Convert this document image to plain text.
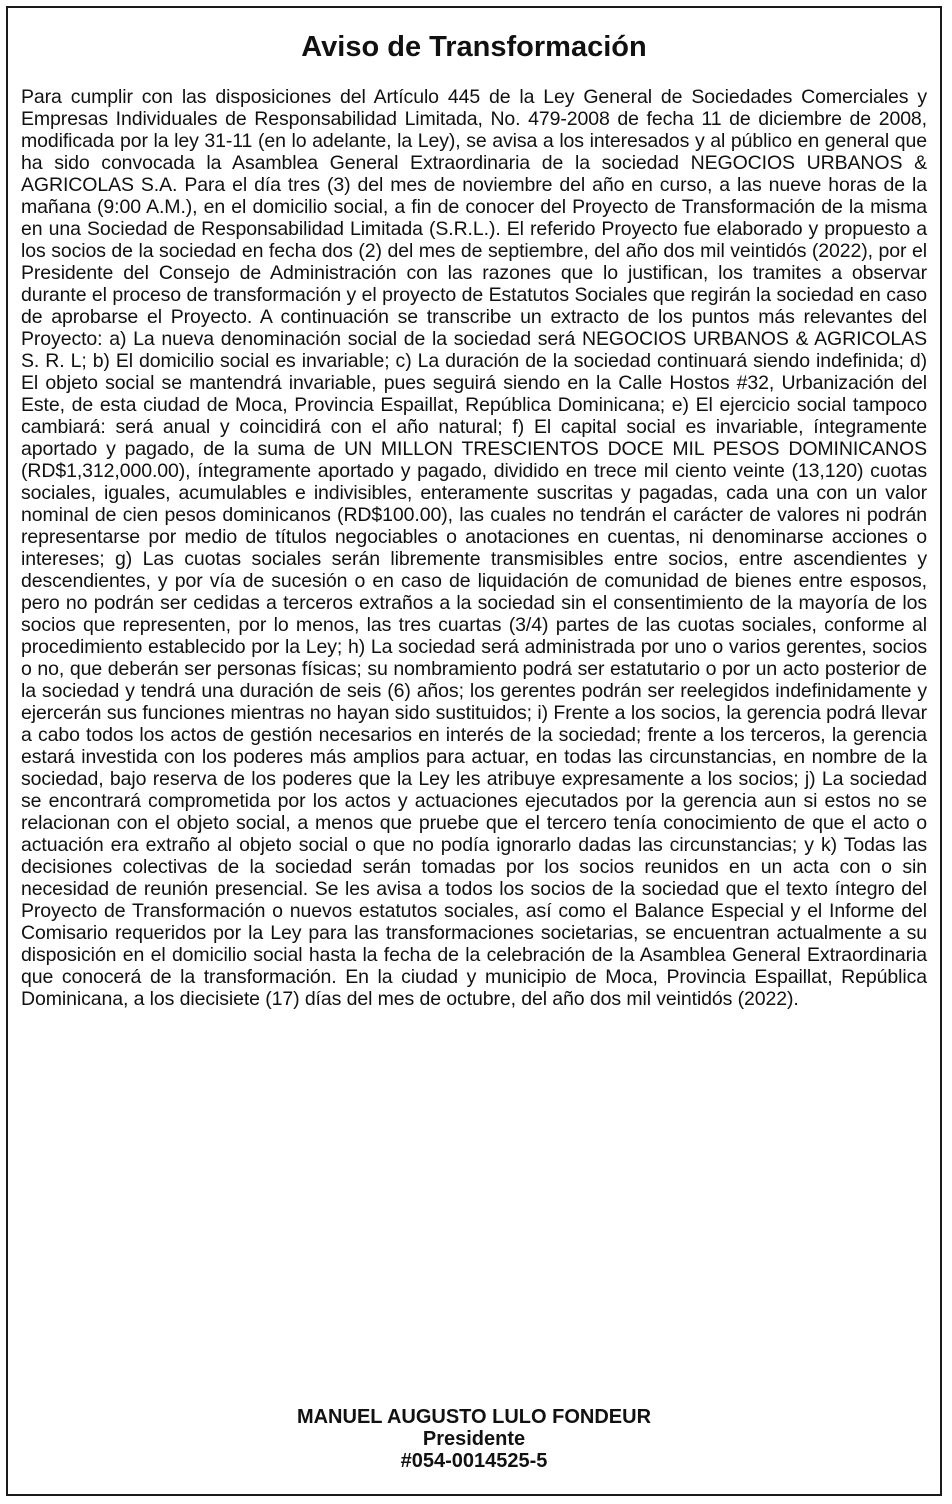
Aviso de Transformación

Para cumplir con las disposiciones del Artículo 445 de la Ley General de Sociedades Comerciales y Empresas Individuales de Responsabilidad Limitada, No. 479-2008 de fecha 11 de diciembre de 2008, modificada por la ley 31-11 (en lo adelante, la Ley), se avisa a los interesados y al público en general que ha sido convocada la Asamblea General Extraordinaria de la sociedad NEGOCIOS URBANOS & AGRICOLAS S.A. Para el día tres (3) del mes de noviembre del año en curso, a las nueve horas de la mañana (9:00 A.M.), en el domicilio social, a fin de conocer del Proyecto de Transformación de la misma en una Sociedad de Responsabilidad Limitada (S.R.L.). El referido Proyecto fue elaborado y propuesto a los socios de la sociedad en fecha dos (2) del mes de septiembre, del año dos mil veintidós (2022), por el Presidente del Consejo de Administración con las razones que lo justifican, los tramites a observar durante el proceso de transformación y el proyecto de Estatutos Sociales que regirán la sociedad en caso de aprobarse el Proyecto. A continuación se transcribe un extracto de los puntos más relevantes del Proyecto: a) La nueva denominación social de la sociedad será NEGOCIOS URBANOS & AGRICOLAS S. R. L; b) El domicilio social es invariable; c) La duración de la sociedad continuará siendo indefinida; d) El objeto social se mantendrá invariable, pues seguirá siendo en la Calle Hostos #32, Urbanización del Este, de esta ciudad de Moca, Provincia Espaillat, República Dominicana; e) El ejercicio social tampoco cambiará: será anual y coincidirá con el año natural; f) El capital social es invariable, íntegramente aportado y pagado, de la suma de UN MILLON TRESCIENTOS DOCE MIL PESOS DOMINICANOS (RD$1,312,000.00), íntegramente aportado y pagado, dividido en trece mil ciento veinte (13,120) cuotas sociales, iguales, acumulables e indivisibles, enteramente suscritas y pagadas, cada una con un valor nominal de cien pesos dominicanos (RD$100.00), las cuales no tendrán el carácter de valores ni podrán representarse por medio de títulos negociables o anotaciones en cuentas, ni denominarse acciones o intereses; g) Las cuotas sociales serán libremente transmisibles entre socios, entre ascendientes y descendientes, y por vía de sucesión o en caso de liquidación de comunidad de bienes entre esposos, pero no podrán ser cedidas a terceros extraños a la sociedad sin el consentimiento de la mayoría de los socios que representen, por lo menos, las tres cuartas (3/4) partes de las cuotas sociales, conforme al procedimiento establecido por la Ley; h) La sociedad será administrada por uno o varios gerentes, socios o no, que deberán ser personas físicas; su nombramiento podrá ser estatutario o por un acto posterior de la sociedad y tendrá una duración de seis (6) años; los gerentes podrán ser reelegidos indefinidamente y ejercerán sus funciones mientras no hayan sido sustituidos; i) Frente a los socios, la gerencia podrá llevar a cabo todos los actos de gestión necesarios en interés de la sociedad; frente a los terceros, la gerencia estará investida con los poderes más amplios para actuar, en todas las circunstancias, en nombre de la sociedad, bajo reserva de los poderes que la Ley les atribuye expresamente a los socios; j) La sociedad se encontrará comprometida por los actos y actuaciones ejecutados por la gerencia aun si estos no se relacionan con el objeto social, a menos que pruebe que el tercero tenía conocimiento de que el acto o actuación era extraño al objeto social o que no podía ignorarlo dadas las circunstancias; y k) Todas las decisiones colectivas de la sociedad serán tomadas por los socios reunidos en un acta con o sin necesidad de reunión presencial. Se les avisa a todos los socios de la sociedad que el texto íntegro del Proyecto de Transformación o nuevos estatutos sociales, así como el Balance Especial y el Informe del Comisario requeridos por la Ley para las transformaciones societarias, se encuentran actualmente a su disposición en el domicilio social hasta la fecha de la celebración de la Asamblea General Extraordinaria que conocerá de la transformación. En la ciudad y municipio de Moca, Provincia Espaillat, República Dominicana, a los diecisiete (17) días del mes de octubre, del año dos mil veintidós (2022).

MANUEL AUGUSTO LULO FONDEUR
Presidente
#054-0014525-5
